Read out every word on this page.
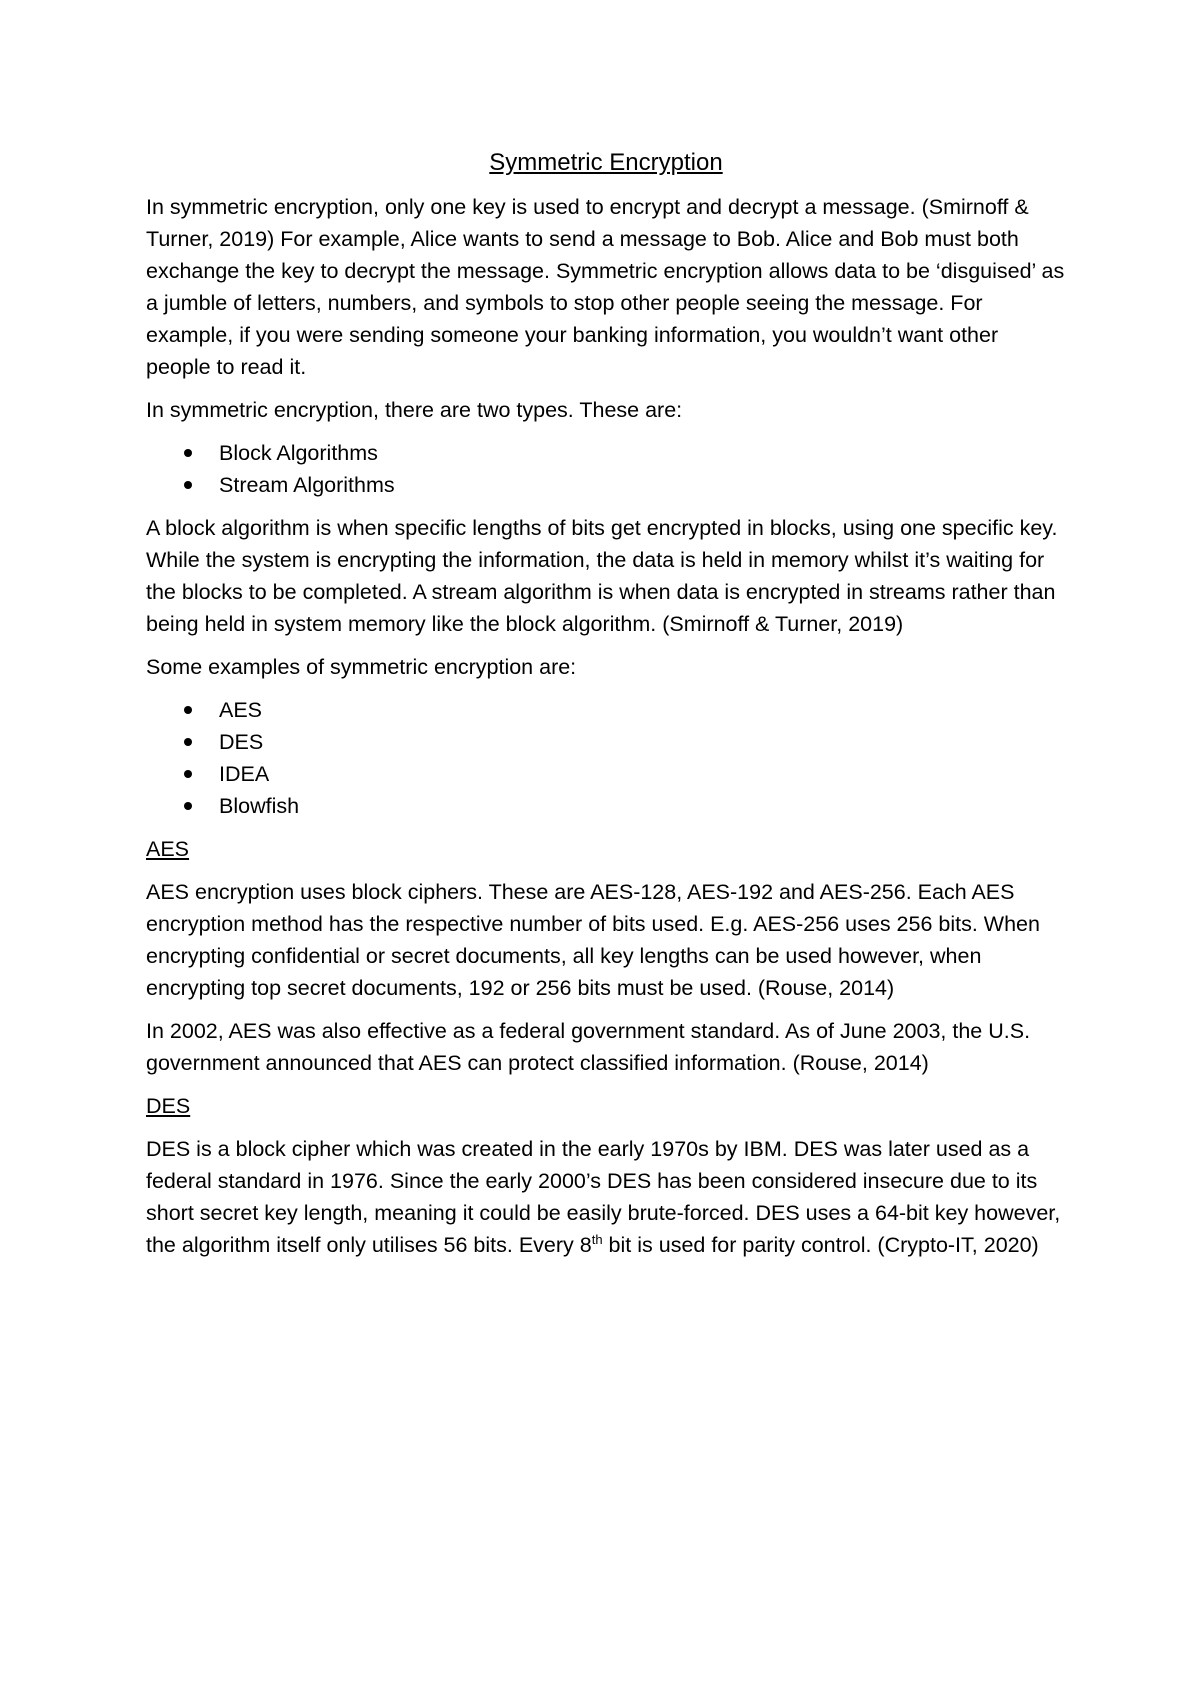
Symmetric Encryption

In symmetric encryption, only one key is used to encrypt and decrypt a message. (Smirnoff & Turner, 2019) For example, Alice wants to send a message to Bob. Alice and Bob must both exchange the key to decrypt the message. Symmetric encryption allows data to be ‘disguised’ as a jumble of letters, numbers, and symbols to stop other people seeing the message. For example, if you were sending someone your banking information, you wouldn’t want other people to read it.

In symmetric encryption, there are two types. These are:

Block Algorithms
Stream Algorithms

A block algorithm is when specific lengths of bits get encrypted in blocks, using one specific key. While the system is encrypting the information, the data is held in memory whilst it’s waiting for the blocks to be completed. A stream algorithm is when data is encrypted in streams rather than being held in system memory like the block algorithm. (Smirnoff & Turner, 2019)

Some examples of symmetric encryption are:

AES
DES
IDEA
Blowfish
AES

AES encryption uses block ciphers. These are AES-128, AES-192 and AES-256. Each AES encryption method has the respective number of bits used. E.g. AES-256 uses 256 bits. When encrypting confidential or secret documents, all key lengths can be used however, when encrypting top secret documents, 192 or 256 bits must be used. (Rouse, 2014)

In 2002, AES was also effective as a federal government standard. As of June 2003, the U.S. government announced that AES can protect classified information. (Rouse, 2014)

DES

DES is a block cipher which was created in the early 1970s by IBM. DES was later used as a federal standard in 1976. Since the early 2000’s DES has been considered insecure due to its short secret key length, meaning it could be easily brute-forced. DES uses a 64-bit key however, the algorithm itself only utilises 56 bits. Every 8th bit is used for parity control. (Crypto-IT, 2020)
